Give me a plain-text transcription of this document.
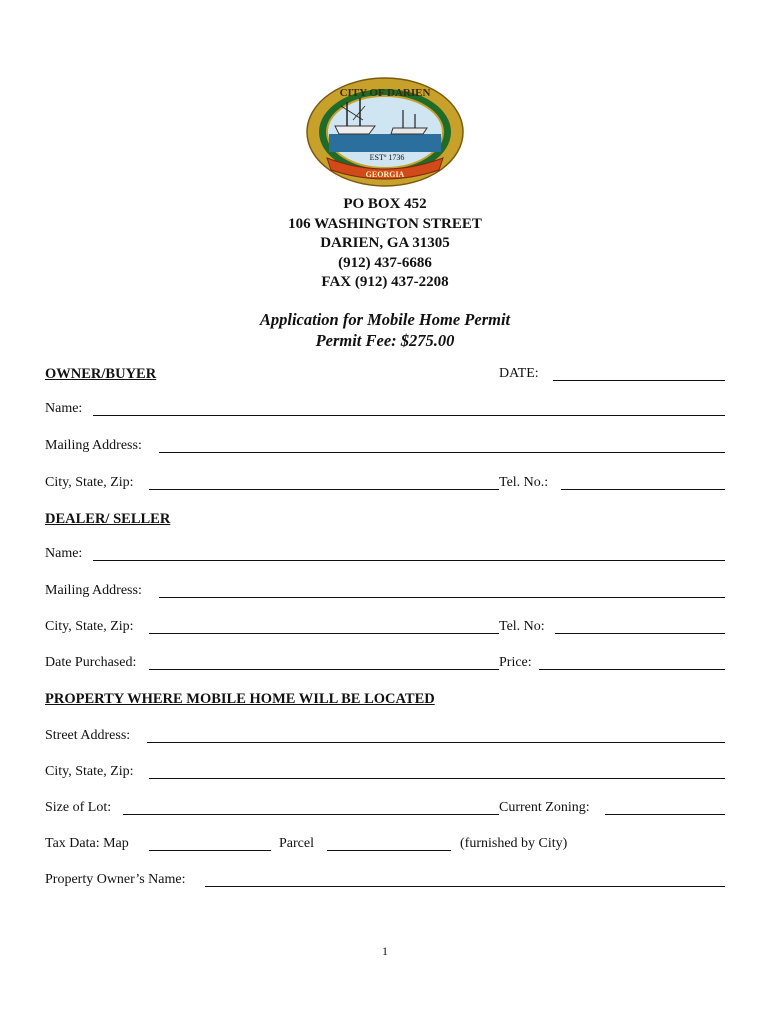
CITY OF DARIEN
ESTº 1736
GEORGIA
PO BOX 452
106 WASHINGTON STREET
DARIEN, GA 31305
(912) 437-6686
FAX (912) 437-2208
Application for Mobile Home Permit
Permit Fee: $275.00
OWNER/BUYER	DATE:
Name:
Mailing Address:
City, State, Zip:	Tel. No.:
DEALER/ SELLER
Name:
Mailing Address:
City, State, Zip:	Tel. No:
Date Purchased:	Price:
PROPERTY WHERE MOBILE HOME WILL BE LOCATED
Street Address:
City, State, Zip:
Size of Lot:	Current Zoning:
Tax Data: Map	Parcel	(furnished by City)
Property Owner’s Name:
1
